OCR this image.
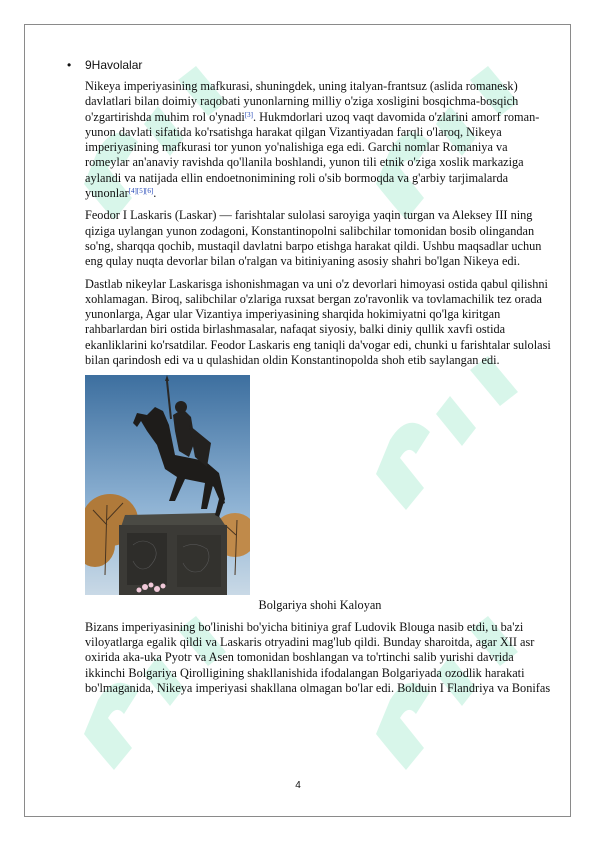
• 9Havolalar

Nikeya imperiyasining mafkurasi, shuningdek, uning italyan-frantsuz (aslida romanesk) davlatlari bilan doimiy raqobati yunonlarning milliy o'ziga xosligini bosqichma-bosqich o'zgartirishda muhim rol o'ynadi[3]. Hukmdorlari uzoq vaqt davomida o'zlarini amorf roman-yunon davlati sifatida ko'rsatishga harakat qilgan Vizantiyadan farqli o'laroq, Nikeya imperiyasining mafkurasi tor yunon yo'nalishiga ega edi. Garchi nomlar Romaniya va romeylar an'anaviy ravishda qo'llanila boshlandi, yunon tili etnik o'ziga xoslik markaziga aylandi va natijada ellin endoetnonimining roli o'sib bormoqda va g'arbiy tarjimalarda yunonlar[4][5][6].

Feodor I Laskaris (Laskar) — farishtalar sulolasi saroyiga yaqin turgan va Aleksey III ning qiziga uylangan yunon zodagoni, Konstantinopolni salibchilar tomonidan bosib olingandan so'ng, sharqqa qochib, mustaqil davlatni barpo etishga harakat qildi. Ushbu maqsadlar uchun eng qulay nuqta devorlar bilan o'ralgan va bitiniyaning asosiy shahri bo'lgan Nikeya edi.

Dastlab nikeylar Laskarisga ishonishmagan va uni o'z devorlari himoyasi ostida qabul qilishni xohlamagan. Biroq, salibchilar o'zlariga ruxsat bergan zo'ravonlik va tovlamachilik tez orada yunonlarga, Agar ular Vizantiya imperiyasining sharqida hokimiyatni qo'lga kiritgan rahbarlardan biri ostida birlashmasalar, nafaqat siyosiy, balki diniy qullik xavfi ostida ekanliklarini ko'rsatdilar. Feodor Laskaris eng taniqli da'vogar edi, chunki u farishtalar sulolasi bilan qarindosh edi va u qulashidan oldin Konstantinopolda shoh etib saylangan edi.

Bolgariya shohi Kaloyan

Bizans imperiyasining bo'linishi bo'yicha bitiniya graf Ludovik Blouga nasib etdi, u ba'zi viloyatlarga egalik qildi va Laskaris otryadini mag'lub qildi. Bunday sharoitda, agar XII asr oxirida aka-uka Pyotr va Asen tomonidan boshlangan va to'rtinchi salib yurishi davrida ikkinchi Bolgariya Qirolligining shakllanishida ifodalangan Bolgariyada ozodlik harakati bo'lmaganida, Nikeya imperiyasi shakllana olmagan bo'lar edi. Bolduin I Flandriya va Bonifas

4
